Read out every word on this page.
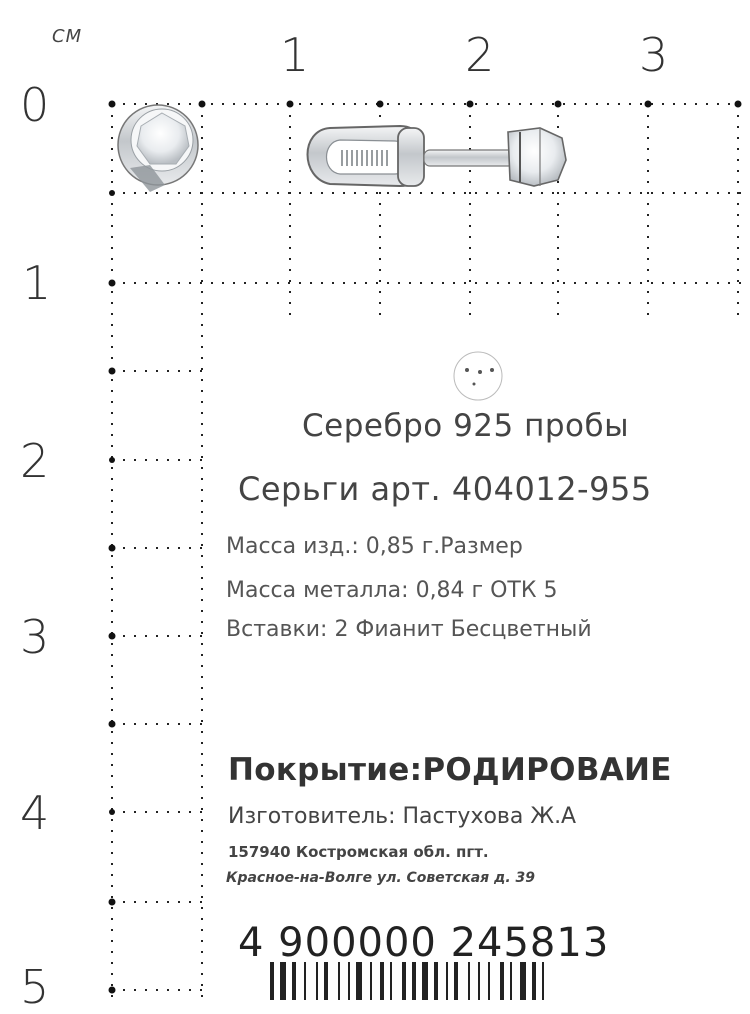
СМ	1	2	3
0
1
2
3
4
5
Серебро 925 пробы
Серьги арт. 404012-955
Масса изд.: 0,85 г.Размер
Масса металла: 0,84 г ОТК 5
Вставки: 2 Фианит Бесцветный
Покрытие:РОДИРОВАИЕ
Изготовитель: Пастухова Ж.А
157940 Костромская обл. пгт.
Красное-на-Волге ул. Советская д. 39
4 900000 245813
